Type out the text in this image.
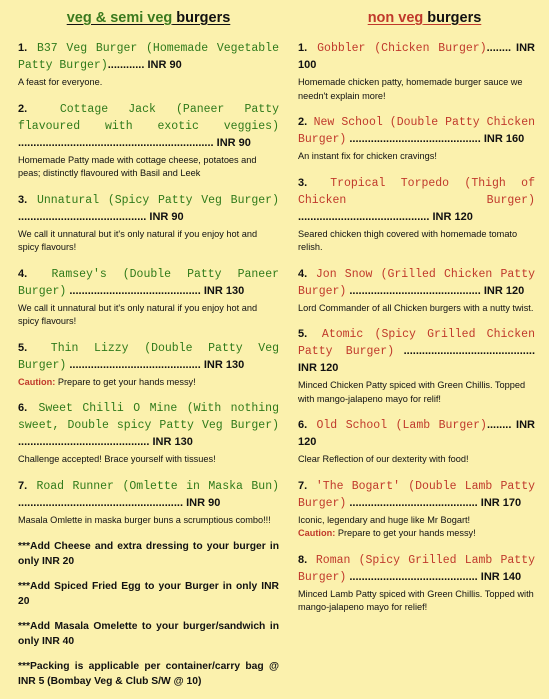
veg & semi veg burgers
1. B37 Veg Burger (Homemade Vegetable Patty Burger)............ INR 90
A feast for everyone.
2.	Cottage Jack (Paneer Patty flavoured with exotic veggies) ................................................................ INR 90
Homemade Patty made with cottage cheese, potatoes and peas; distinctly flavoured with Basil and Leek
3. Unnatural (Spicy Patty Veg Burger) .......................................... INR 90
We call it unnatural but it's only natural if you enjoy hot and spicy flavours!
4. Ramsey's (Double Patty Paneer Burger) ........................................... INR 130
We call it unnatural but it's only natural if you enjoy hot and spicy flavours!
5. Thin Lizzy (Double Patty Veg Burger) ........................................... INR 130
Caution: Prepare to get your hands messy!
6. Sweet Chilli O Mine (With nothing sweet, Double spicy Patty Veg Burger) ........................................... INR 130
Challenge accepted! Brace yourself with tissues!
7. Road Runner (Omlette in Maska Bun) ...................................................... INR 90
Masala Omlette in maska burger buns a scrumptious combo!!!
***Add Cheese and extra dressing to your burger in only INR 20
***Add Spiced Fried Egg to your Burger in only INR 20
***Add Masala Omelette to your burger/sandwich in only INR 40
***Packing is applicable per container/carry bag @ INR 5 (Bombay Veg & Club S/W @ 10)
non veg burgers
1. Gobbler (Chicken Burger)........ INR 100
Homemade chicken patty, homemade burger sauce we needn't explain more!
2. New School (Double Patty Chicken Burger) ........................................... INR 160
An instant fix for chicken cravings!
3. Tropical Torpedo (Thigh of Chicken Burger) ........................................... INR 120
Seared chicken thigh covered with homemade tomato relish.
4. Jon Snow (Grilled Chicken Patty Burger) ........................................... INR 120
Lord Commander of all Chicken burgers with a nutty twist.
5. Atomic (Spicy Grilled Chicken Patty Burger) ........................................... INR 120
Minced Chicken Patty spiced with Green Chillis. Topped with mango-jalapeno mayo for relif!
6. Old School (Lamb Burger)........ INR 120
Clear Reflection of our dexterity with food!
7. 'The Bogart' (Double Lamb Patty Burger) .......................................... INR 170
Iconic, legendary and huge like Mr Bogart!
Caution: Prepare to get your hands messy!
8. Roman (Spicy Grilled Lamb Patty Burger) .......................................... INR 140
Minced Lamb Patty spiced with Green Chillis. Topped with mango-jalapeno mayo for relief!
